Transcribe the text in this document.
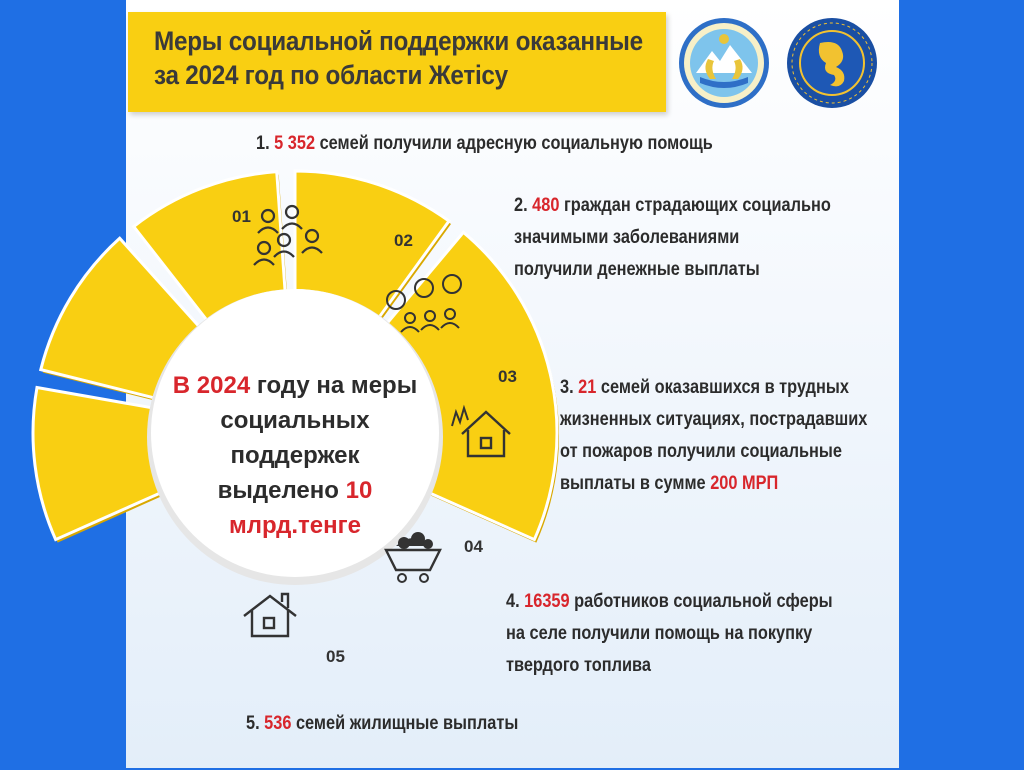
Меры социальной поддержки оказанные
за 2024 год по области Жетісу
01
02
03
04
05
В 2024 году на меры
социальных поддержек
выделено 10 млрд.тенге
1. 5 352 семей получили адресную социальную помощь
2. 480 граждан страдающих социально
значимыми заболеваниями
получили денежные выплаты
3. 21 семей оказавшихся в трудных
жизненных ситуациях, пострадавших
от пожаров получили социальные
выплаты в сумме 200 МРП
4. 16359 работников социальной сферы
на селе получили помощь на покупку
твердого топлива
5. 536 семей жилищные выплаты
